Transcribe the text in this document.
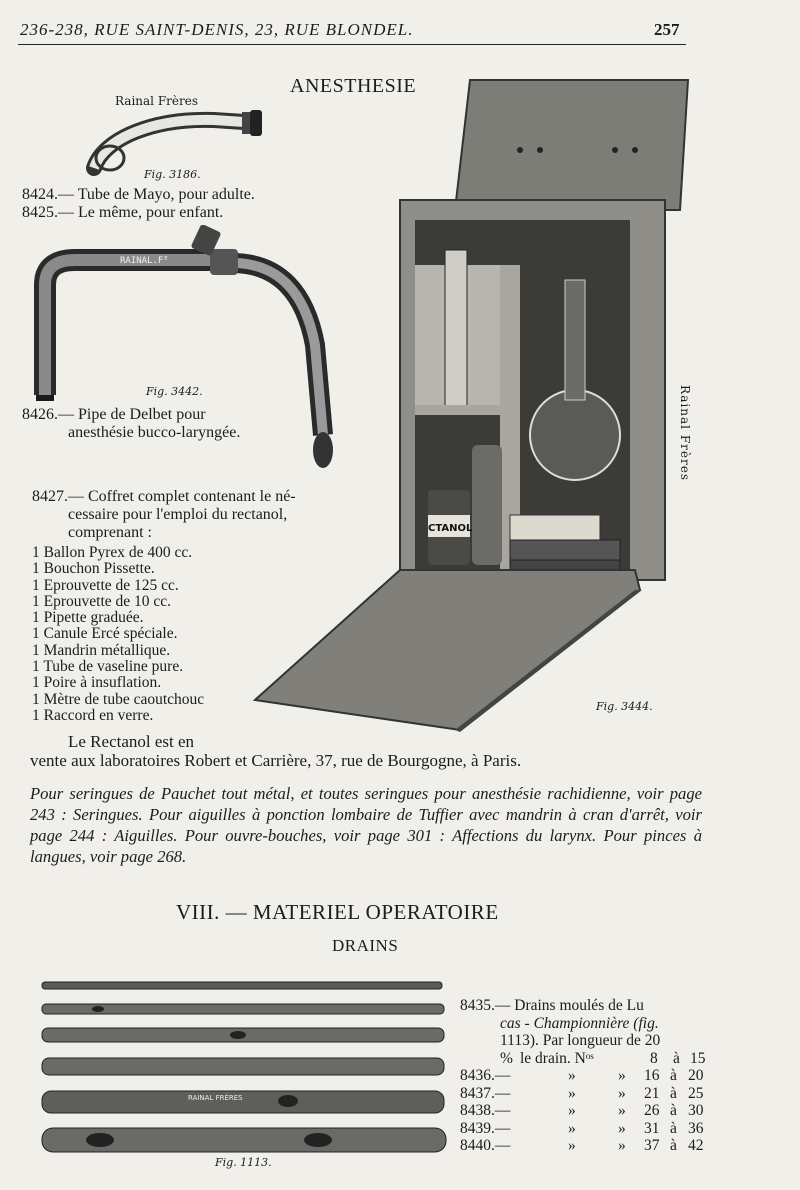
236-238, RUE SAINT-DENIS, 23, RUE BLONDEL.	257
ANESTHESIE
Rainal Frères
Fig. 3186.
8424.— Tube de Mayo, pour adulte.
8425.— Le même, pour enfant.
RAINAL.Fᴱ
Fig. 3442.
8426.— Pipe de Delbet pour
anesthésie bucco-laryngée.
CTANOL
Rainal Frères
Fig. 3444.
8427.— Coffret complet contenant le né-
cessaire pour l'emploi du rectanol,
comprenant :
1 Ballon Pyrex de 400 cc.
1 Bouchon Pissette.
1 Eprouvette de 125 cc.
1 Eprouvette de 10 cc.
1 Pipette graduée.
1 Canule Ercé spéciale.
1 Mandrin métallique.
1 Tube de vaseline pure.
1 Poire à insuflation.
1 Mètre de tube caoutchouc
1 Raccord en verre.
Le Rectanol est en
vente aux laboratoires Robert et Carrière, 37, rue de Bourgogne, à Paris.
Pour seringues de Pauchet tout métal, et toutes seringues pour anesthésie rachidienne, voir page 243 : Seringues. Pour aiguilles à ponction lombaire de Tuffier avec mandrin à cran d'arrêt, voir page 244 : Aiguilles. Pour ouvre-bouches, voir page 301 : Affections du larynx. Pour pinces à langues, voir page 268.
VIII. — MATERIEL OPERATOIRE
DRAINS
RAINAL FRÈRES
Fig. 1113.
8435.— Drains moulés de Lu
cas - Championnière (fig.
1113). Par longueur de 20
% le drain. Nᵒˢ	8 à 15
8436.—	»	» 16 à 20
8437.—	»	» 21 à 25
8438.—	»	» 26 à 30
8439.—	»	» 31 à 36
8440.—	»	» 37 à 42
